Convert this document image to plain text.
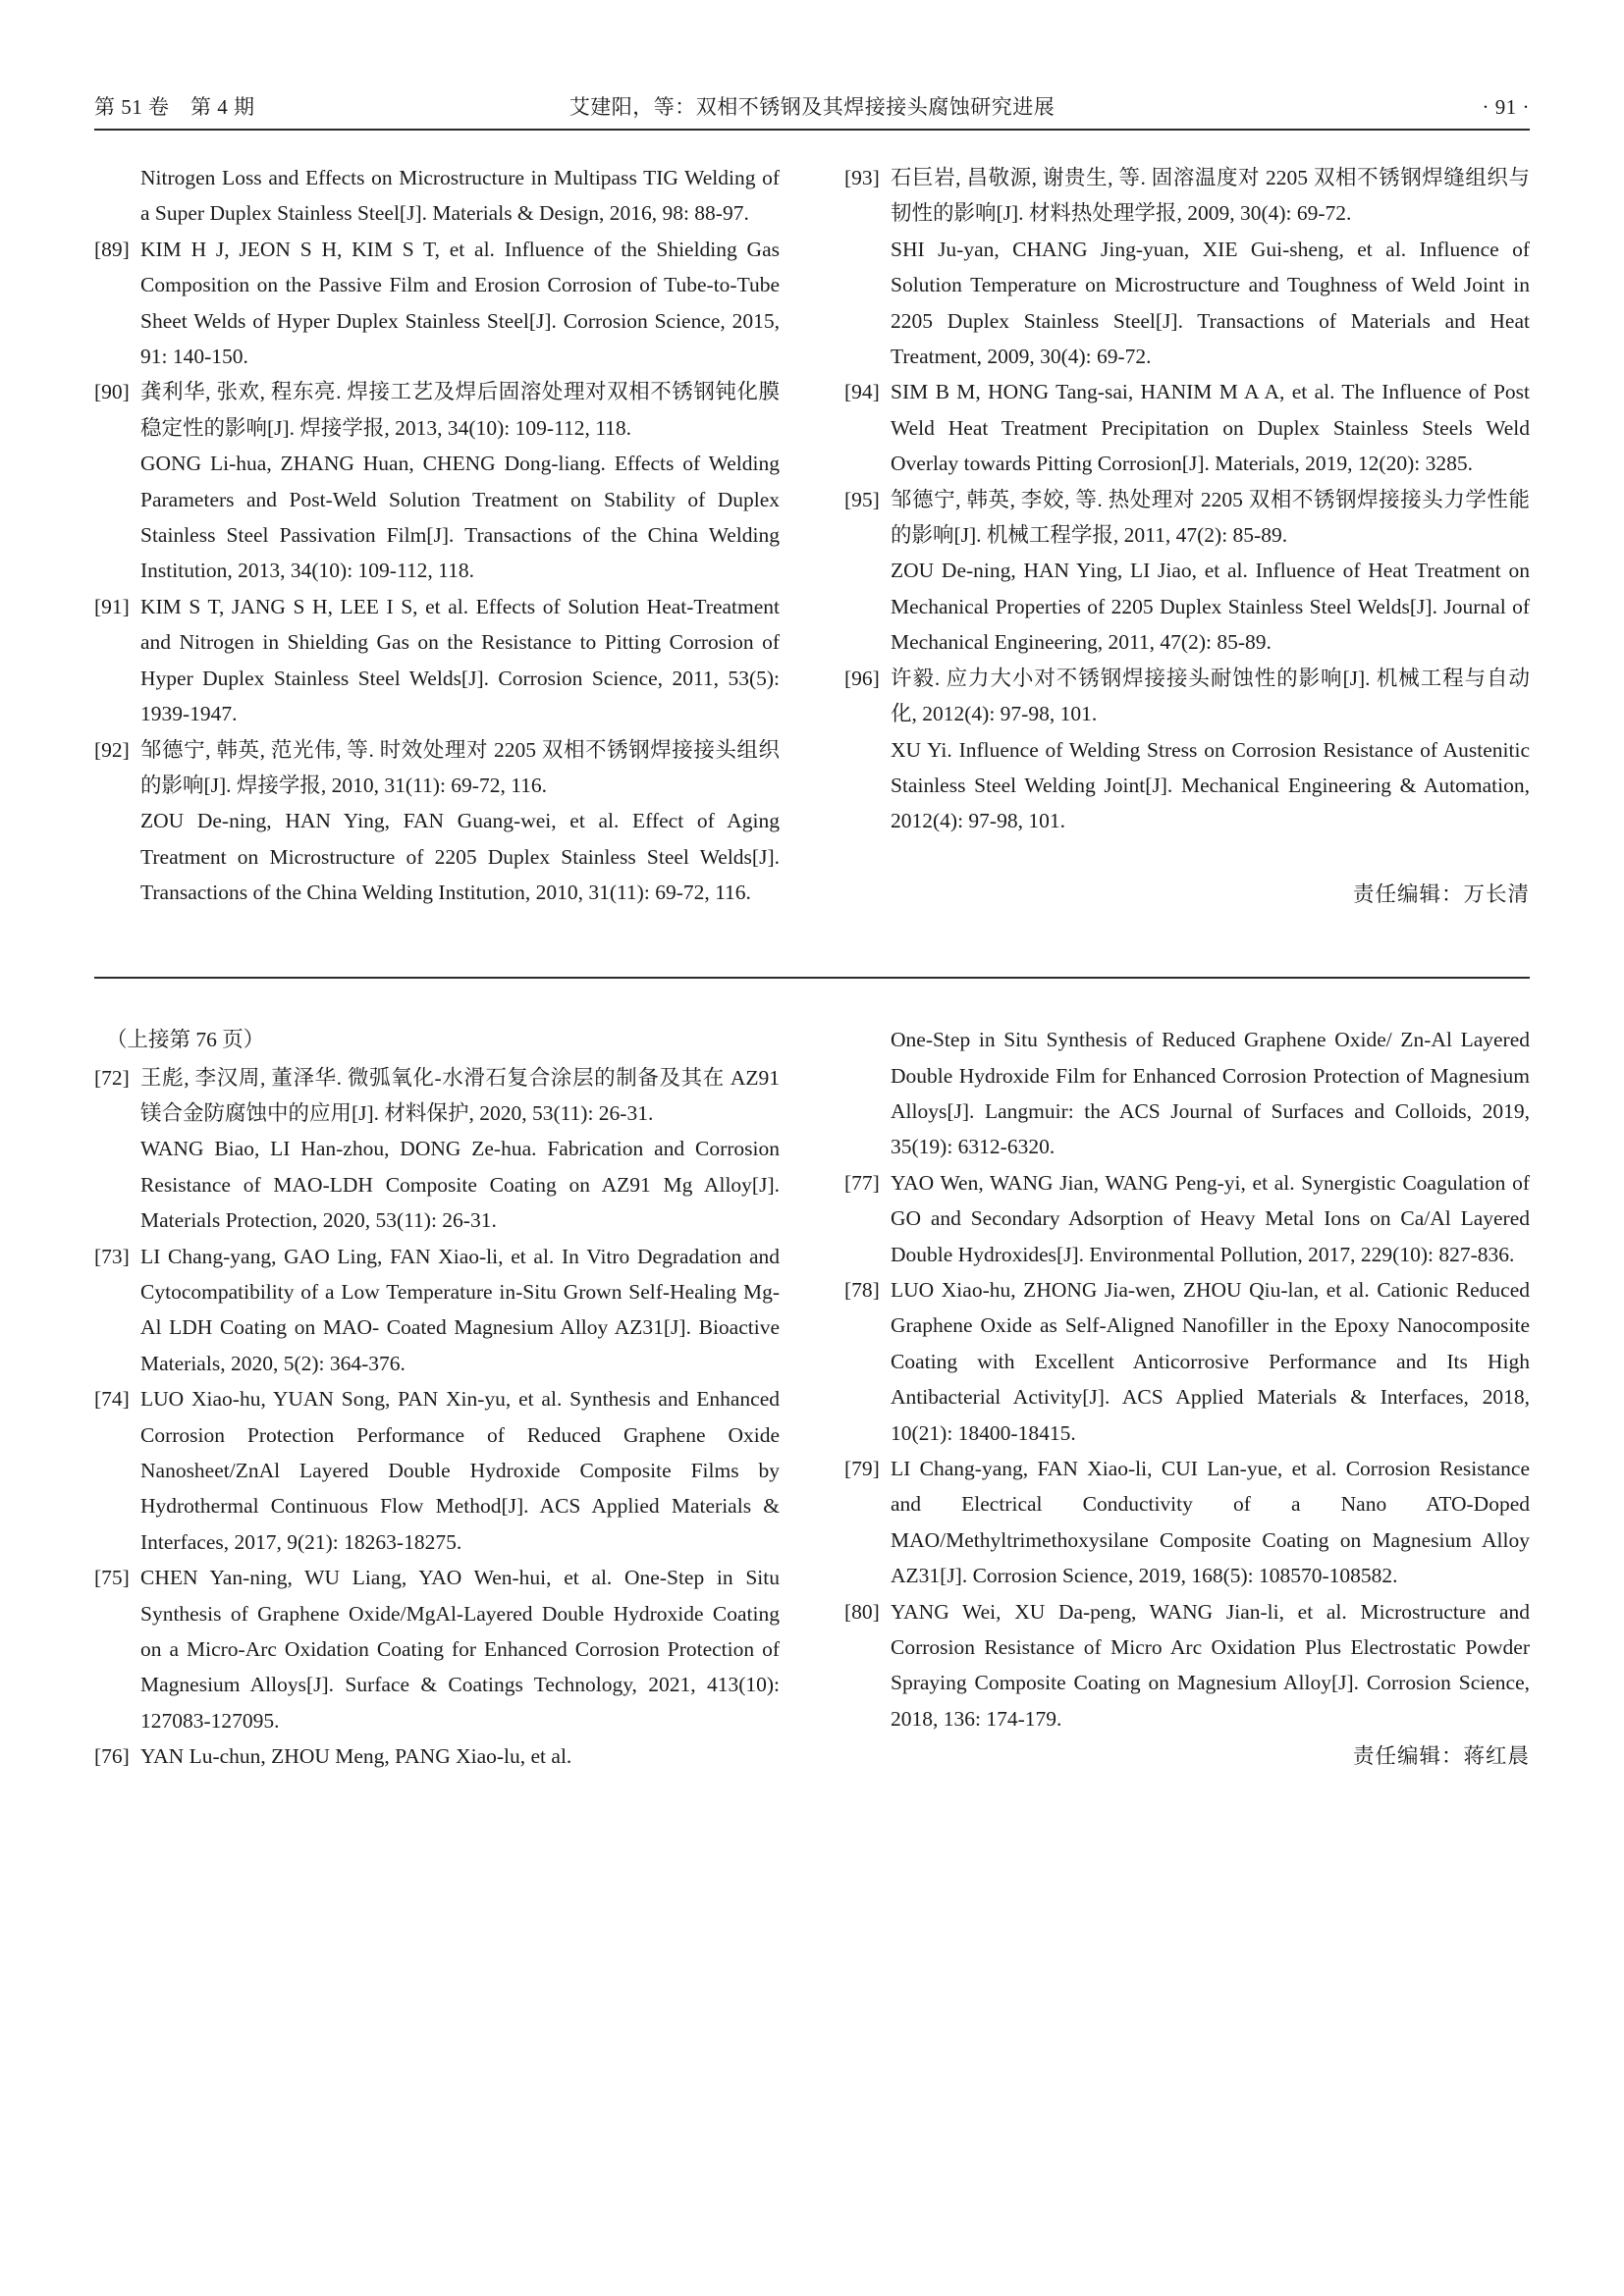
第 51 卷　第 4 期	艾建阳，等：双相不锈钢及其焊接接头腐蚀研究进展	· 91 ·

Nitrogen Loss and Effects on Microstructure in Multipass TIG Welding of a Super Duplex Stainless Steel[J]. Materials & Design, 2016, 98: 88-97.

[89] KIM H J, JEON S H, KIM S T, et al. Influence of the Shielding Gas Composition on the Passive Film and Erosion Corrosion of Tube-to-Tube Sheet Welds of Hyper Duplex Stainless Steel[J]. Corrosion Science, 2015, 91: 140-150.

[90] 龚利华, 张欢, 程东亮. 焊接工艺及焊后固溶处理对双相不锈钢钝化膜稳定性的影响[J]. 焊接学报, 2013, 34(10): 109-112, 118.

GONG Li-hua, ZHANG Huan, CHENG Dong-liang. Effects of Welding Parameters and Post-Weld Solution Treatment on Stability of Duplex Stainless Steel Passivation Film[J]. Transactions of the China Welding Institution, 2013, 34(10): 109-112, 118.

[91] KIM S T, JANG S H, LEE I S, et al. Effects of Solution Heat-Treatment and Nitrogen in Shielding Gas on the Resistance to Pitting Corrosion of Hyper Duplex Stainless Steel Welds[J]. Corrosion Science, 2011, 53(5): 1939-1947.

[92] 邹德宁, 韩英, 范光伟, 等. 时效处理对 2205 双相不锈钢焊接接头组织的影响[J]. 焊接学报, 2010, 31(11): 69-72, 116.

ZOU De-ning, HAN Ying, FAN Guang-wei, et al. Effect of Aging Treatment on Microstructure of 2205 Duplex Stainless Steel Welds[J]. Transactions of the China Welding Institution, 2010, 31(11): 69-72, 116.

[93] 石巨岩, 昌敬源, 谢贵生, 等. 固溶温度对 2205 双相不锈钢焊缝组织与韧性的影响[J]. 材料热处理学报, 2009, 30(4): 69-72.

SHI Ju-yan, CHANG Jing-yuan, XIE Gui-sheng, et al. Influence of Solution Temperature on Microstructure and Toughness of Weld Joint in 2205 Duplex Stainless Steel[J]. Transactions of Materials and Heat Treatment, 2009, 30(4): 69-72.

[94] SIM B M, HONG Tang-sai, HANIM M A A, et al. The Influence of Post Weld Heat Treatment Precipitation on Duplex Stainless Steels Weld Overlay towards Pitting Corrosion[J]. Materials, 2019, 12(20): 3285.

[95] 邹德宁, 韩英, 李姣, 等. 热处理对 2205 双相不锈钢焊接接头力学性能的影响[J]. 机械工程学报, 2011, 47(2): 85-89.

ZOU De-ning, HAN Ying, LI Jiao, et al. Influence of Heat Treatment on Mechanical Properties of 2205 Duplex Stainless Steel Welds[J]. Journal of Mechanical Engineering, 2011, 47(2): 85-89.

[96] 许毅. 应力大小对不锈钢焊接接头耐蚀性的影响[J]. 机械工程与自动化, 2012(4): 97-98, 101.

XU Yi. Influence of Welding Stress on Corrosion Resistance of Austenitic Stainless Steel Welding Joint[J]. Mechanical Engineering & Automation, 2012(4): 97-98, 101.

责任编辑：万长清

（上接第 76 页）

[72] 王彪, 李汉周, 董泽华. 微弧氧化-水滑石复合涂层的制备及其在 AZ91 镁合金防腐蚀中的应用[J]. 材料保护, 2020, 53(11): 26-31.

WANG Biao, LI Han-zhou, DONG Ze-hua. Fabrication and Corrosion Resistance of MAO-LDH Composite Coating on AZ91 Mg Alloy[J]. Materials Protection, 2020, 53(11): 26-31.

[73] LI Chang-yang, GAO Ling, FAN Xiao-li, et al. In Vitro Degradation and Cytocompatibility of a Low Temperature in-Situ Grown Self-Healing Mg-Al LDH Coating on MAO- Coated Magnesium Alloy AZ31[J]. Bioactive Materials, 2020, 5(2): 364-376.

[74] LUO Xiao-hu, YUAN Song, PAN Xin-yu, et al. Synthesis and Enhanced Corrosion Protection Performance of Reduced Graphene Oxide Nanosheet/ZnAl Layered Double Hydroxide Composite Films by Hydrothermal Continuous Flow Method[J]. ACS Applied Materials & Interfaces, 2017, 9(21): 18263-18275.

[75] CHEN Yan-ning, WU Liang, YAO Wen-hui, et al. One-Step in Situ Synthesis of Graphene Oxide/MgAl-Layered Double Hydroxide Coating on a Micro-Arc Oxidation Coating for Enhanced Corrosion Protection of Magnesium Alloys[J]. Surface & Coatings Technology, 2021, 413(10): 127083-127095.

[76] YAN Lu-chun, ZHOU Meng, PANG Xiao-lu, et al.

One-Step in Situ Synthesis of Reduced Graphene Oxide/ Zn-Al Layered Double Hydroxide Film for Enhanced Corrosion Protection of Magnesium Alloys[J]. Langmuir: the ACS Journal of Surfaces and Colloids, 2019, 35(19): 6312-6320.

[77] YAO Wen, WANG Jian, WANG Peng-yi, et al. Synergistic Coagulation of GO and Secondary Adsorption of Heavy Metal Ions on Ca/Al Layered Double Hydroxides[J]. Environmental Pollution, 2017, 229(10): 827-836.

[78] LUO Xiao-hu, ZHONG Jia-wen, ZHOU Qiu-lan, et al. Cationic Reduced Graphene Oxide as Self-Aligned Nanofiller in the Epoxy Nanocomposite Coating with Excellent Anticorrosive Performance and Its High Antibacterial Activity[J]. ACS Applied Materials & Interfaces, 2018, 10(21): 18400-18415.

[79] LI Chang-yang, FAN Xiao-li, CUI Lan-yue, et al. Corrosion Resistance and Electrical Conductivity of a Nano ATO-Doped MAO/Methyltrimethoxysilane Composite Coating on Magnesium Alloy AZ31[J]. Corrosion Science, 2019, 168(5): 108570-108582.

[80] YANG Wei, XU Da-peng, WANG Jian-li, et al. Microstructure and Corrosion Resistance of Micro Arc Oxidation Plus Electrostatic Powder Spraying Composite Coating on Magnesium Alloy[J]. Corrosion Science, 2018, 136: 174-179.

责任编辑：蒋红晨
